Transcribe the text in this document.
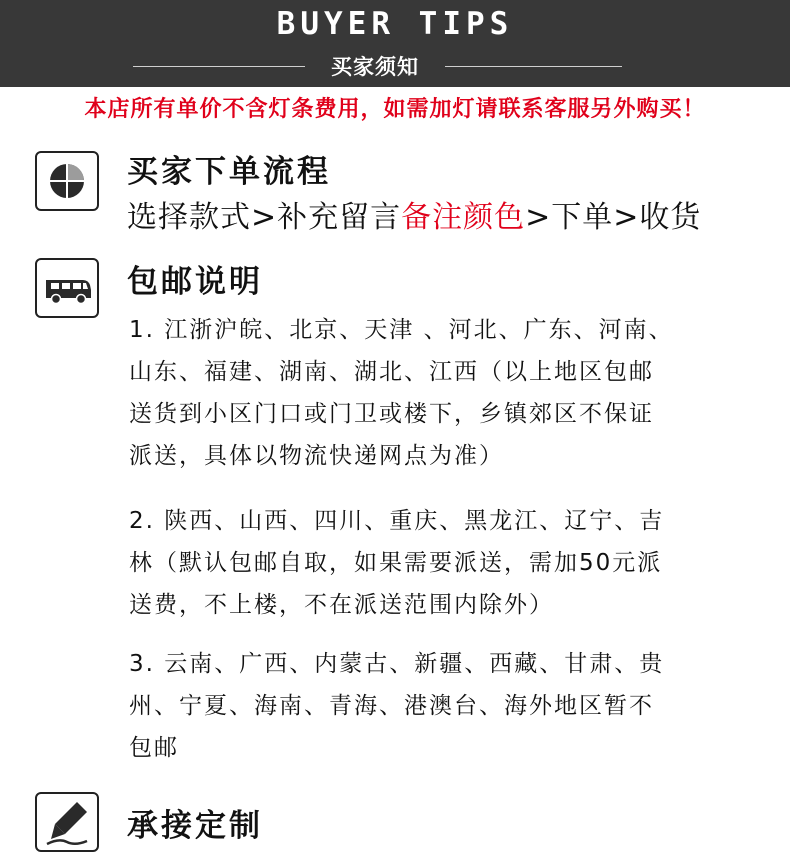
BUYER TIPS
买家须知
本店所有单价不含灯条费用，如需加灯请联系客服另外购买！
买家下单流程
选择款式>补充留言备注颜色>下单>收货
包邮说明
1. 江浙沪皖、北京、天津 、河北、广东、河南、
山东、福建、湖南、湖北、江西（以上地区包邮
送货到小区门口或门卫或楼下，乡镇郊区不保证
派送，具体以物流快递网点为准）
2. 陕西、山西、四川、重庆、黑龙江、辽宁、吉
林（默认包邮自取，如果需要派送，需加50元派
送费，不上楼，不在派送范围内除外）
3. 云南、广西、内蒙古、新疆、西藏、甘肃、贵
州、宁夏、海南、青海、港澳台、海外地区暂不
包邮
承接定制
